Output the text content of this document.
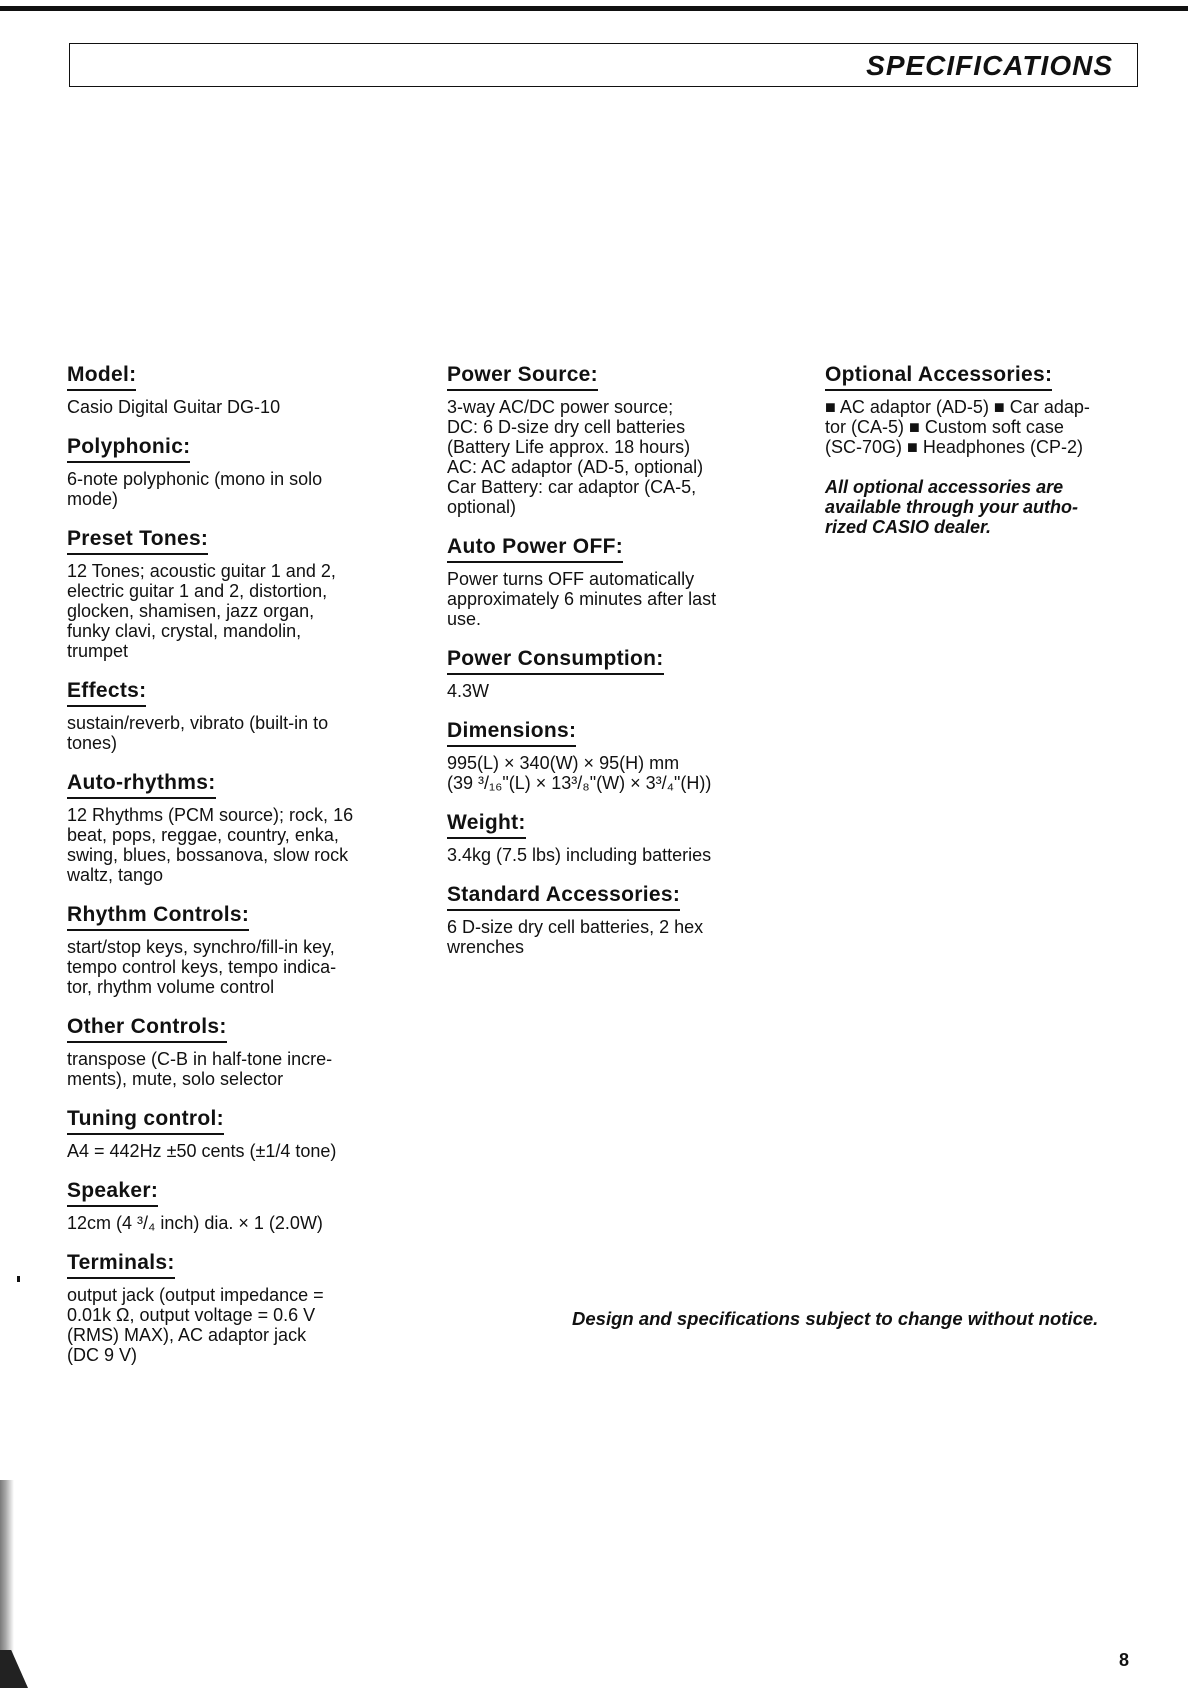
SPECIFICATIONS
Model:

Casio Digital Guitar DG-10

Polyphonic:

6-note polyphonic (mono in solo
mode)

Preset Tones:

12 Tones; acoustic guitar 1 and 2,
electric guitar 1 and 2, distortion,
glocken, shamisen, jazz organ,
funky clavi, crystal, mandolin,
trumpet

Effects:

sustain/reverb, vibrato (built-in to
tones)

Auto-rhythms:

12 Rhythms (PCM source); rock, 16
beat, pops, reggae, country, enka,
swing, blues, bossanova, slow rock
waltz, tango

Rhythm Controls:

start/stop keys, synchro/fill-in key,
tempo control keys, tempo indica-
tor, rhythm volume control

Other Controls:

transpose (C-B in half-tone incre-
ments), mute, solo selector

Tuning control:

A4 = 442Hz ±50 cents (±1/4 tone)

Speaker:

12cm (4 ³/₄ inch) dia. × 1 (2.0W)

Terminals:

output jack (output impedance =
0.01k Ω, output voltage = 0.6 V
(RMS) MAX), AC adaptor jack
(DC 9 V)

Power Source:

3-way AC/DC power source;
DC: 6 D-size dry cell batteries
(Battery Life approx. 18 hours)
AC: AC adaptor (AD-5, optional)
Car Battery: car adaptor (CA-5,
optional)

Auto Power OFF:

Power turns OFF automatically
approximately 6 minutes after last
use.

Power Consumption:

4.3W

Dimensions:

995(L) × 340(W) × 95(H) mm
(39 ³/₁₆"(L) × 13³/₈"(W) × 3³/₄"(H))

Weight:

3.4kg (7.5 lbs) including batteries

Standard Accessories:

6 D-size dry cell batteries, 2 hex
wrenches

Optional Accessories:

■ AC adaptor (AD-5) ■ Car adap-
tor (CA-5) ■ Custom soft case
(SC-70G) ■ Headphones (CP-2)

All optional accessories are
available through your autho-
rized CASIO dealer.

Design and specifications subject to change without notice.

8
